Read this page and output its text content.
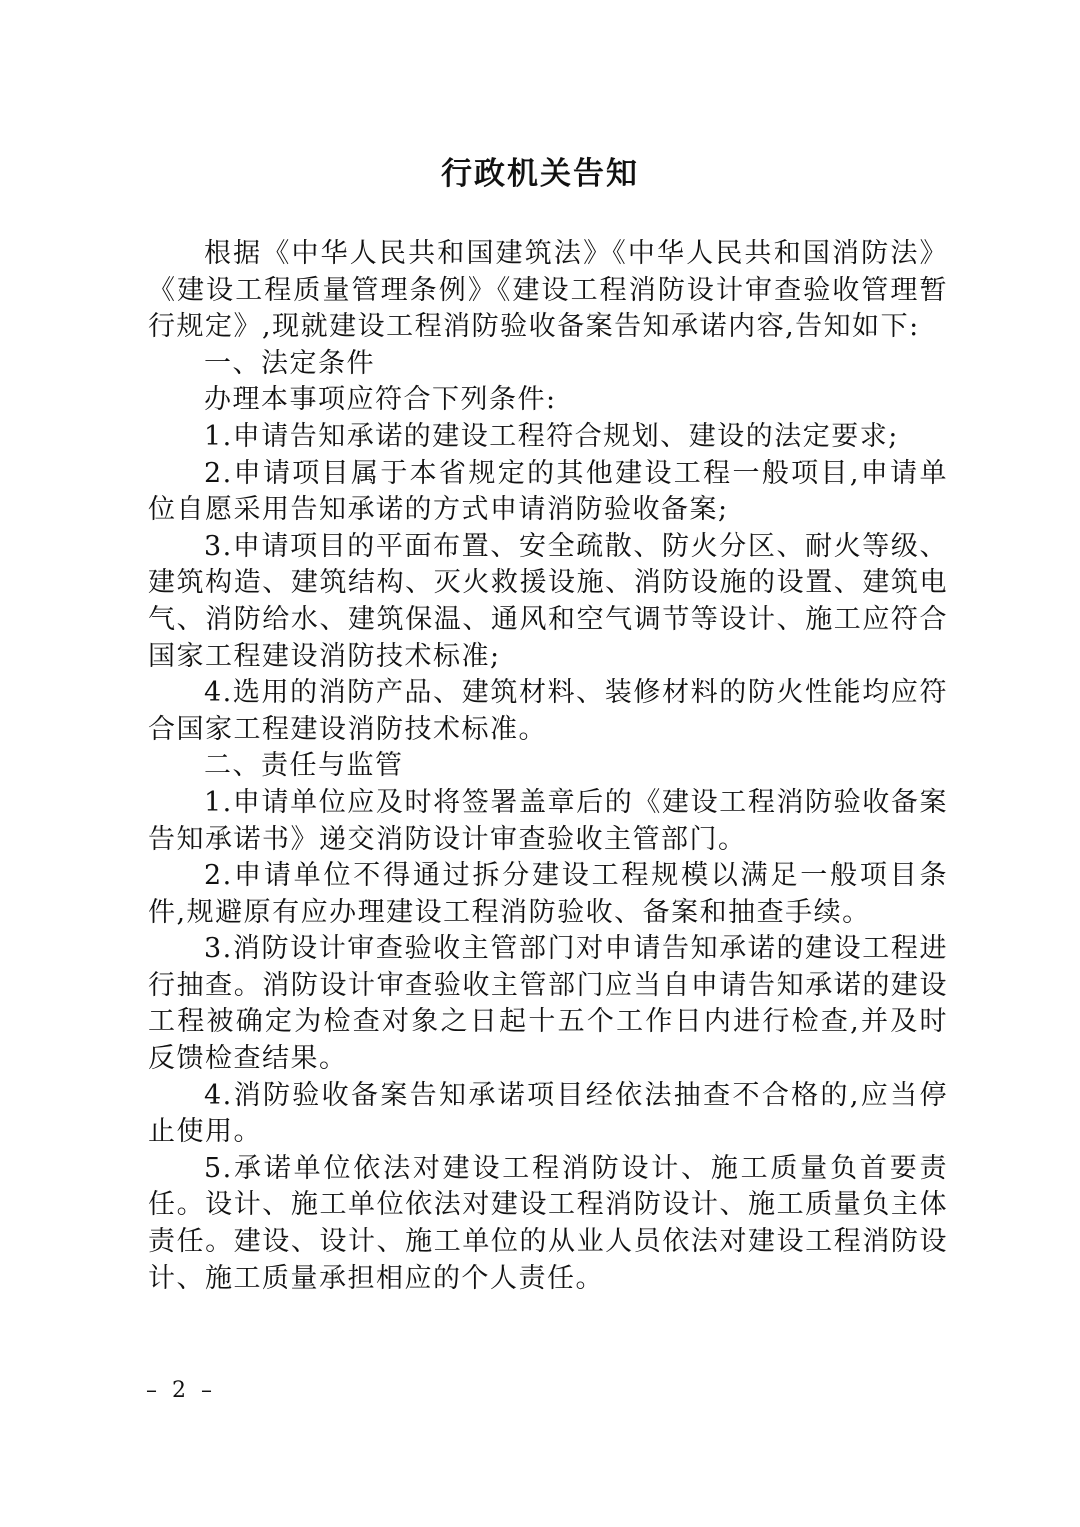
行政机关告知

根据《中华人民共和国建筑法》《中华人民共和国消防法》《建设工程质量管理条例》《建设工程消防设计审查验收管理暂行规定》,现就建设工程消防验收备案告知承诺内容,告知如下:

一、法定条件

办理本事项应符合下列条件:

1.申请告知承诺的建设工程符合规划、建设的法定要求;

2.申请项目属于本省规定的其他建设工程一般项目,申请单位自愿采用告知承诺的方式申请消防验收备案;

3.申请项目的平面布置、安全疏散、防火分区、耐火等级、建筑构造、建筑结构、灭火救援设施、消防设施的设置、建筑电气、消防给水、建筑保温、通风和空气调节等设计、施工应符合国家工程建设消防技术标准;

4.选用的消防产品、建筑材料、装修材料的防火性能均应符合国家工程建设消防技术标准。

二、责任与监管

1.申请单位应及时将签署盖章后的《建设工程消防验收备案告知承诺书》递交消防设计审查验收主管部门。

2.申请单位不得通过拆分建设工程规模以满足一般项目条件,规避原有应办理建设工程消防验收、备案和抽查手续。

3.消防设计审查验收主管部门对申请告知承诺的建设工程进行抽查。消防设计审查验收主管部门应当自申请告知承诺的建设工程被确定为检查对象之日起十五个工作日内进行检查,并及时反馈检查结果。

4.消防验收备案告知承诺项目经依法抽查不合格的,应当停止使用。

5.承诺单位依法对建设工程消防设计、施工质量负首要责任。设计、施工单位依法对建设工程消防设计、施工质量负主体责任。建设、设计、施工单位的从业人员依法对建设工程消防设计、施工质量承担相应的个人责任。

– 2 –
